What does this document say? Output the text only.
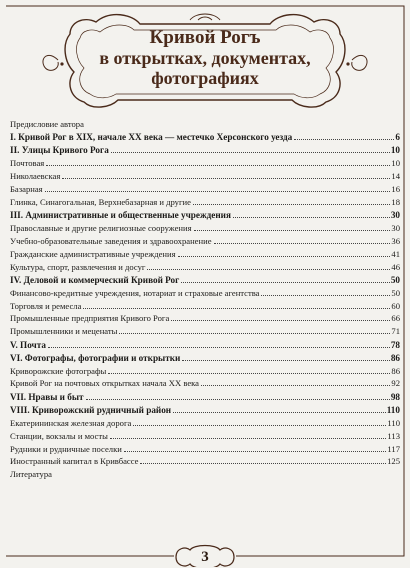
Кривой Рогъ
в открытках, документах,
фотографиях
Предисловие автора
I. Кривой Рог в XIX, начале XX века — местечко Херсонского уезда	6
II. Улицы Кривого Рога	10
Почтовая	10
Николаевская	14
Базарная	16
Глинка, Синагогальная, Верхнебазарная и другие	18
III. Административные и общественные учреждения	30
Православные и другие религиозные сооружения	30
Учебно-образовательные заведения и здравоохранение	36
Гражданские административные учреждения	41
Культура, спорт, развлечения и досуг	46
IV. Деловой и коммерческий Кривой Рог	50
Финансово-кредитные учреждения, нотариат и страховые агентства	50
Торговля и ремесла	60
Промышленные предприятия Кривого Рога	66
Промышленники и меценаты	71
V. Почта	78
VI. Фотографы, фотографии и открытки	86
Криворожские фотографы	86
Кривой Рог на почтовых открытках начала XX века	92
VII. Нравы и быт	98
VIII. Криворожский рудничный район	110
Екатерининская железная дорога	110
Станции, вокзалы и мосты	113
Рудники и рудничные поселки	117
Иностранный капитал в Кривбассе	125
Литература
3
